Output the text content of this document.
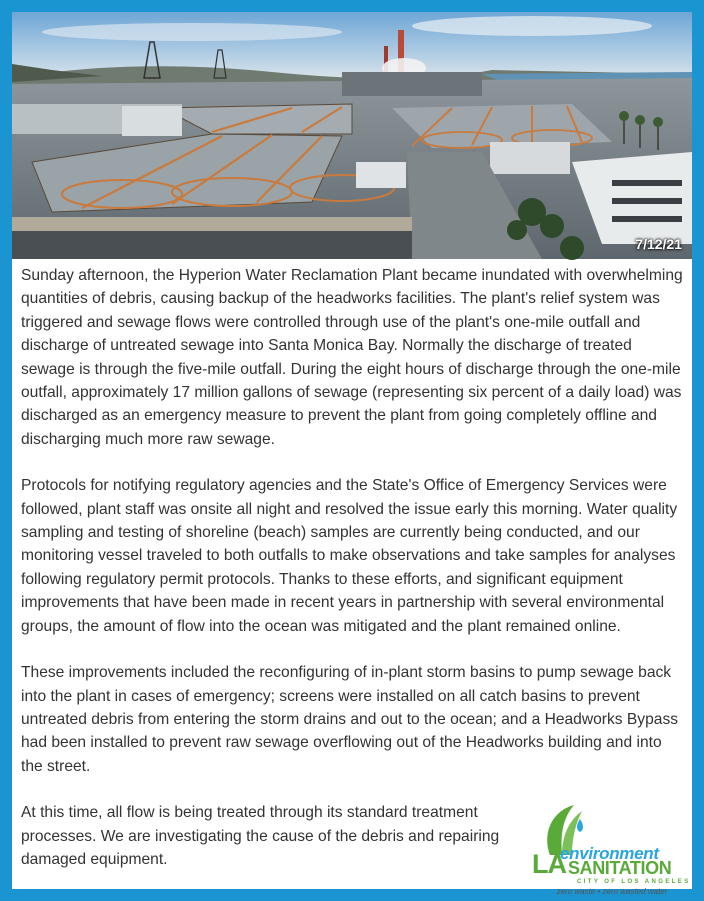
7/12/21

Sunday afternoon, the Hyperion Water Reclamation Plant became inundated with overwhelming quantities of debris, causing backup of the headworks facilities. The plant's relief system was triggered and sewage flows were controlled through use of the plant's one-mile outfall and discharge of untreated sewage into Santa Monica Bay. Normally the discharge of treated sewage is through the five-mile outfall. During the eight hours of discharge through the one-mile outfall, approximately 17 million gallons of sewage (representing six percent of a daily load) was discharged as an emergency measure to prevent the plant from going completely offline and discharging much more raw sewage.

Protocols for notifying regulatory agencies and the State's Office of Emergency Services were followed, plant staff was onsite all night and resolved the issue early this morning. Water quality sampling and testing of shoreline (beach) samples are currently being conducted, and our monitoring vessel traveled to both outfalls to make observations and take samples for analyses following regulatory permit protocols. Thanks to these efforts, and significant equipment improvements that have been made in recent years in partnership with several environmental groups, the amount of flow into the ocean was mitigated and the plant remained online.

These improvements included the reconfiguring of in-plant storm basins to pump sewage back into the plant in cases of emergency; screens were installed on all catch basins to prevent untreated debris from entering the storm drains and out to the ocean; and a Headworks Bypass had been installed to prevent raw sewage overflowing out of the Headworks building and into the street.

At this time, all flow is being treated through its standard treatment processes. We are investigating the cause of the debris and repairing damaged equipment.	environment
LA SANITATION
CITY OF LOS ANGELES
zero waste • zero wasted water
